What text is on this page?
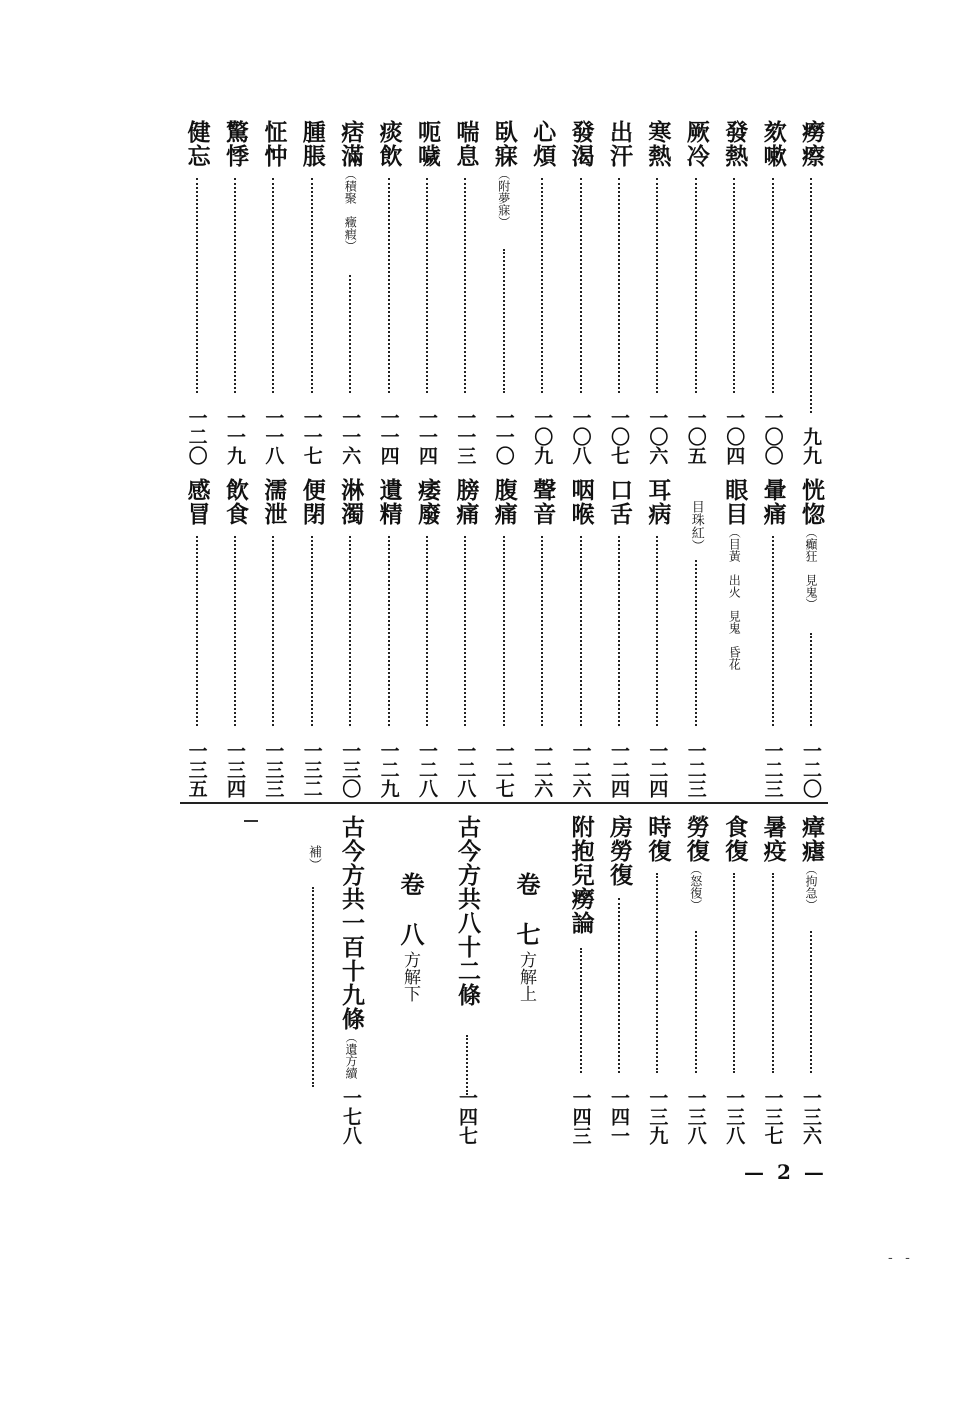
癆瘵
九九
欬嗽
一〇〇
發熱
一〇四
厥冷
一〇五
寒熱
一〇六
出汗
一〇七
發渴
一〇八
心煩
一〇九
臥寐（附夢寐）
一一〇
喘息
一一三
呃噦
一一四
痰飲
一一四
痞滿（積聚　癥瘕）
一一六
腫脹
一一七
怔忡
一一八
驚悸
一一九
健忘
一二〇
恍惚（癲狂　見鬼）
一二〇
暈痛
一二三
眼目（目黃　出火　見鬼　昏花
目珠紅）
一二三
耳病
一二四
口舌
一二四
咽喉
一二六
聲音
一二六
腹痛
一二七
膀痛
一二八
痿廢
一二八
遺精
一二九
淋濁
一三〇
便閉
一三二
濡泄
一三三
飲食
一三四
感冒
一三五
瘴瘧（拘急）
一三六
暑疫
一三七
食復
一三八
勞復（怒復）
一三八
時復
一三九
房勞復
一四一
附抱兒癆論
一四三
卷七 方解上
古今方共八十二條
一四七
卷八 方解下
古今方共一百十九條（遺方續
一七八
補）
— 2 —
- -
